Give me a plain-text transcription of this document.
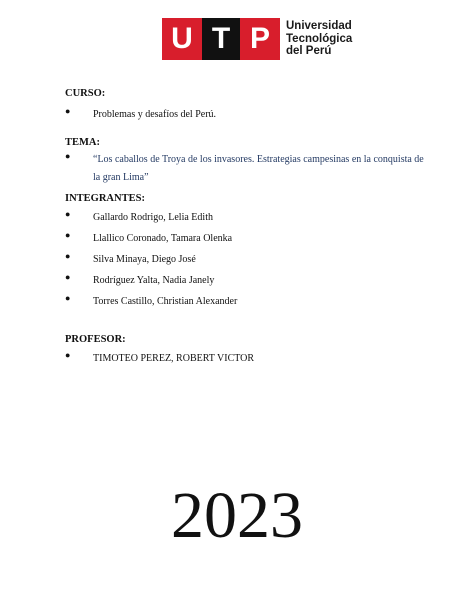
U T P	Universidad
Tecnológica
del Perú
CURSO:
●	Problemas y desafíos del Perú.
TEMA:
●	“Los caballos de Troya de los invasores. Estrategias campesinas en la conquista de la gran Lima”
INTEGRANTES:
●	Gallardo Rodrigo, Lelia Edith
●	Llallico Coronado, Tamara Olenka
●	Silva Minaya, Diego José
●	Rodríguez Yalta, Nadia Janely
●	Torres Castillo, Christian Alexander
PROFESOR:
●	TIMOTEO PEREZ, ROBERT VICTOR
2023
